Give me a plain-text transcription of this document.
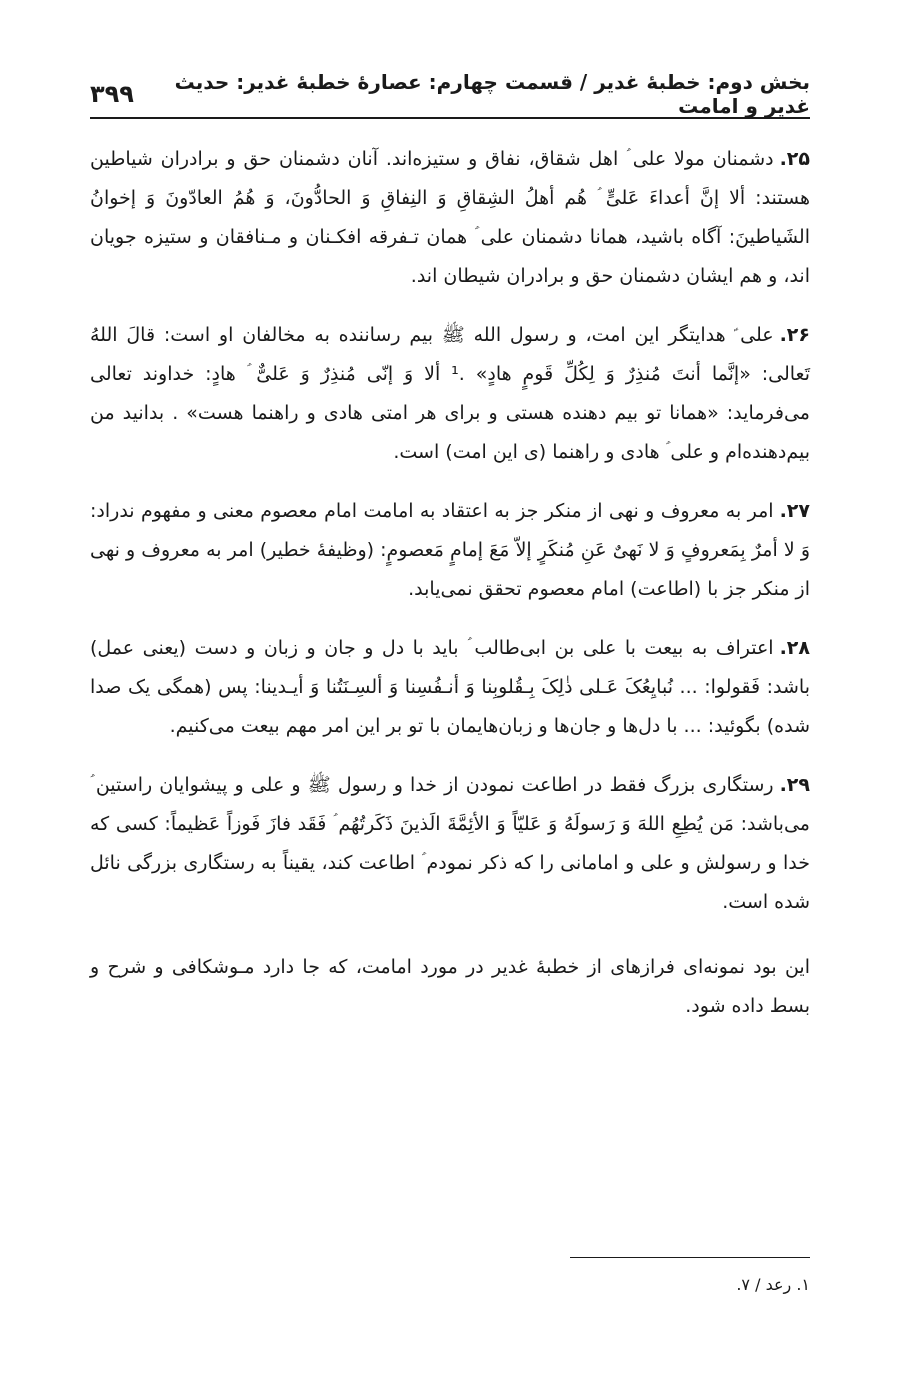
بخش دوم: خطبهٔ غدیر / قسمت چهارم: عصارهٔ خطبهٔ غدیر: حدیث غدیر و امامت
۳۹۹

۲۵.دشمنان مولا علی ؑ اهل شقاق، نفاق و ستیزه‌اند. آنان دشمنان حق و برادران شیاطین هستند: ألا إنَّ أعداءَ عَلیٍّ ؑ هُم أهلُ الشِقاقِ وَ النِفاقِ وَ الحادُّونَ، وَ هُمُ العادّونَ وَ إخوانُ الشَیاطینَ: آگاه باشید، همانا دشمنان علی ؑ همان تـفرقه افکـنان و مـنافقان و ستیزه جویان اند، و هم ایشان دشمنان حق و برادران شیطان اند.

۲۶.علی ؑ هدایتگر این امت، و رسول الله ﷺ بیم رساننده به مخالفان او است: قالَ اللهُ تَعالی: «إنَّما أنتَ مُنذِرٌ وَ لِکُلِّ قَومٍ هادٍ» .¹ ألا وَ إنّی مُنذِرٌ وَ عَلیٌّ ؑ هادٍ: خداوند تعالی می‌فرماید: «همانا تو بیم دهنده هستی و برای هر امتی هادی و راهنما هست» . بدانید من بیم‌دهنده‌ام و علی ؑ هادی و راهنما (ی این امت) است.

۲۷.امر به معروف و نهی از منکر جز به اعتقاد به امامت امام معصوم معنی و مفهوم ندراد: وَ لا أمرٌ بِمَعروفٍ وَ لا نَهیٌ عَنِ مُنکَرٍ إلاّ مَعَ إمامٍ مَعصومٍ: (وظیفهٔ خطیر) امر به معروف و نهی از منکر جز با (اطاعت) امام معصوم تحقق نمی‌یابد.

۲۸.اعتراف به بیعت با علی بن ابی‌طالب ؑ باید با دل و جان و زبان و دست (یعنی عمل) باشد: فَقولوا: ... نُبایِعُکَ عَـلی ذٰلِکَ بِـقُلوبِنا وَ أنـفُسِنا وَ ألسِـنَتُنا وَ أیـدینا: پس (همگی یک صدا شده) بگوئید: ... با دل‌ها و جان‌ها و زبان‌هایمان با تو بر این امر مهم بیعت می‌کنیم.

۲۹.رستگاری بزرگ فقط در اطاعت نمودن از خدا و رسول ﷺ و علی و پیشوایان راستین ؑ می‌باشد: مَن یُطِعِ اللهَ وَ رَسولَهُ وَ عَلیّاً وَ الأئِمَّةَ الَذینَ ذَکَرتُهُم ؑ فَقَد فازَ فَوزاً عَظیماً: کسی که خدا و رسولش و علی و امامانی را که ذکر نمودم ؑ اطاعت کند، یقیناً به رستگاری بزرگی نائل شده است.

این بود نمونه‌ای فرازهای از خطبهٔ غدیر در مورد امامت، که جا دارد مـوشکافی و شرح و بسط داده شود.

۱. رعد / ۷.
